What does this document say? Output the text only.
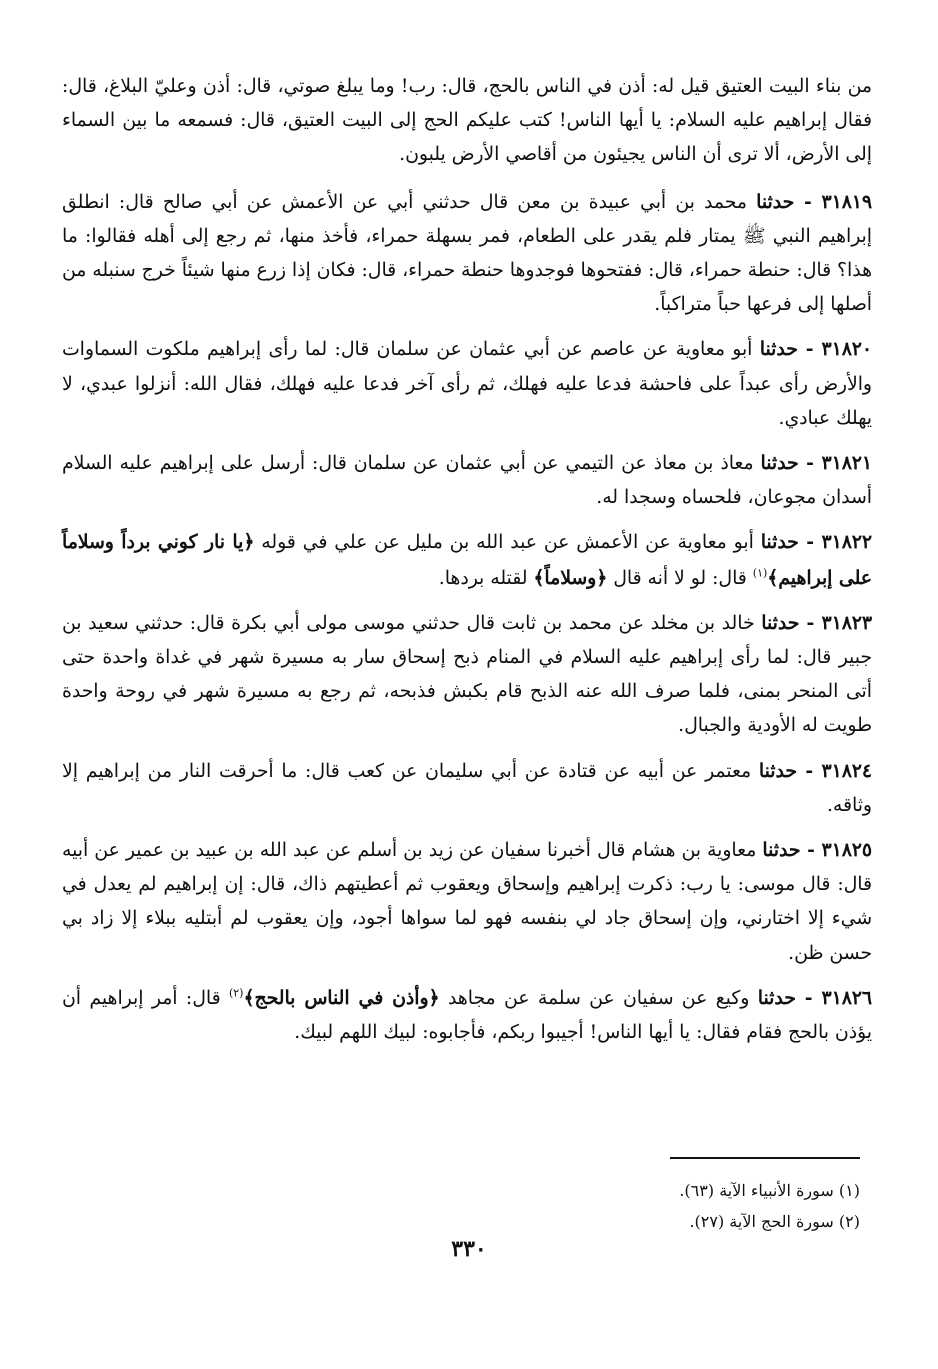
من بناء البيت العتيق قيل له: أذن في الناس بالحج، قال: رب! وما يبلغ صوتي، قال: أذن وعليّ البلاغ، قال: فقال إبراهيم عليه السلام: يا أيها الناس! كتب عليكم الحج إلى البيت العتيق، قال: فسمعه ما بين السماء إلى الأرض، ألا ترى أن الناس يجيئون من أقاصي الأرض يلبون.

٣١٨١٩ - حدثنا محمد بن أبي عبيدة بن معن قال حدثني أبي عن الأعمش عن أبي صالح قال: انطلق إبراهيم النبي ﷺ يمتار فلم يقدر على الطعام، فمر بسهلة حمراء، فأخذ منها، ثم رجع إلى أهله فقالوا: ما هذا؟ قال: حنطة حمراء، قال: ففتحوها فوجدوها حنطة حمراء، قال: فكان إذا زرع منها شيئاً خرج سنبله من أصلها إلى فرعها حباً متراكباً.

٣١٨٢٠ - حدثنا أبو معاوية عن عاصم عن أبي عثمان عن سلمان قال: لما رأى إبراهيم ملكوت السماوات والأرض رأى عبداً على فاحشة فدعا عليه فهلك، ثم رأى آخر فدعا عليه فهلك، فقال الله: أنزلوا عبدي، لا يهلك عبادي.

٣١٨٢١ - حدثنا معاذ بن معاذ عن التيمي عن أبي عثمان عن سلمان قال: أرسل على إبراهيم عليه السلام أسدان مجوعان، فلحساه وسجدا له.

٣١٨٢٢ - حدثنا أبو معاوية عن الأعمش عن عبد الله بن مليل عن علي في قوله ﴿يا نار كوني برداً وسلاماً على إبراهيم﴾$^{(١)}$ قال: لو لا أنه قال ﴿وسلاماً﴾ لقتله بردها.

٣١٨٢٣ - حدثنا خالد بن مخلد عن محمد بن ثابت قال حدثني موسى مولى أبي بكرة قال: حدثني سعيد بن جبير قال: لما رأى إبراهيم عليه السلام في المنام ذبح إسحاق سار به مسيرة شهر في غداة واحدة حتى أتى المنحر بمنى، فلما صرف الله عنه الذبح قام بكبش فذبحه، ثم رجع به مسيرة شهر في روحة واحدة طويت له الأودية والجبال.

٣١٨٢٤ - حدثنا معتمر عن أبيه عن قتادة عن أبي سليمان عن كعب قال: ما أحرقت النار من إبراهيم إلا وثاقه.

٣١٨٢٥ - حدثنا معاوية بن هشام قال أخبرنا سفيان عن زيد بن أسلم عن عبد الله بن عبيد بن عمير عن أبيه قال: قال موسى: يا رب: ذكرت إبراهيم وإسحاق ويعقوب ثم أعطيتهم ذاك، قال: إن إبراهيم لم يعدل في شيء إلا اختارني، وإن إسحاق جاد لي بنفسه فهو لما سواها أجود، وإن يعقوب لم أبتليه ببلاء إلا زاد بي حسن ظن.

٣١٨٢٦ - حدثنا وكيع عن سفيان عن سلمة عن مجاهد ﴿وأذن في الناس بالحج﴾$^{(٢)}$ قال: أمر إبراهيم أن يؤذن بالحج فقام فقال: يا أيها الناس! أجيبوا ربكم، فأجابوه: لبيك اللهم لبيك.

(١) سورة الأنبياء الآية (٦٣).
(٢) سورة الحج الآية (٢٧).
٣٣٠
